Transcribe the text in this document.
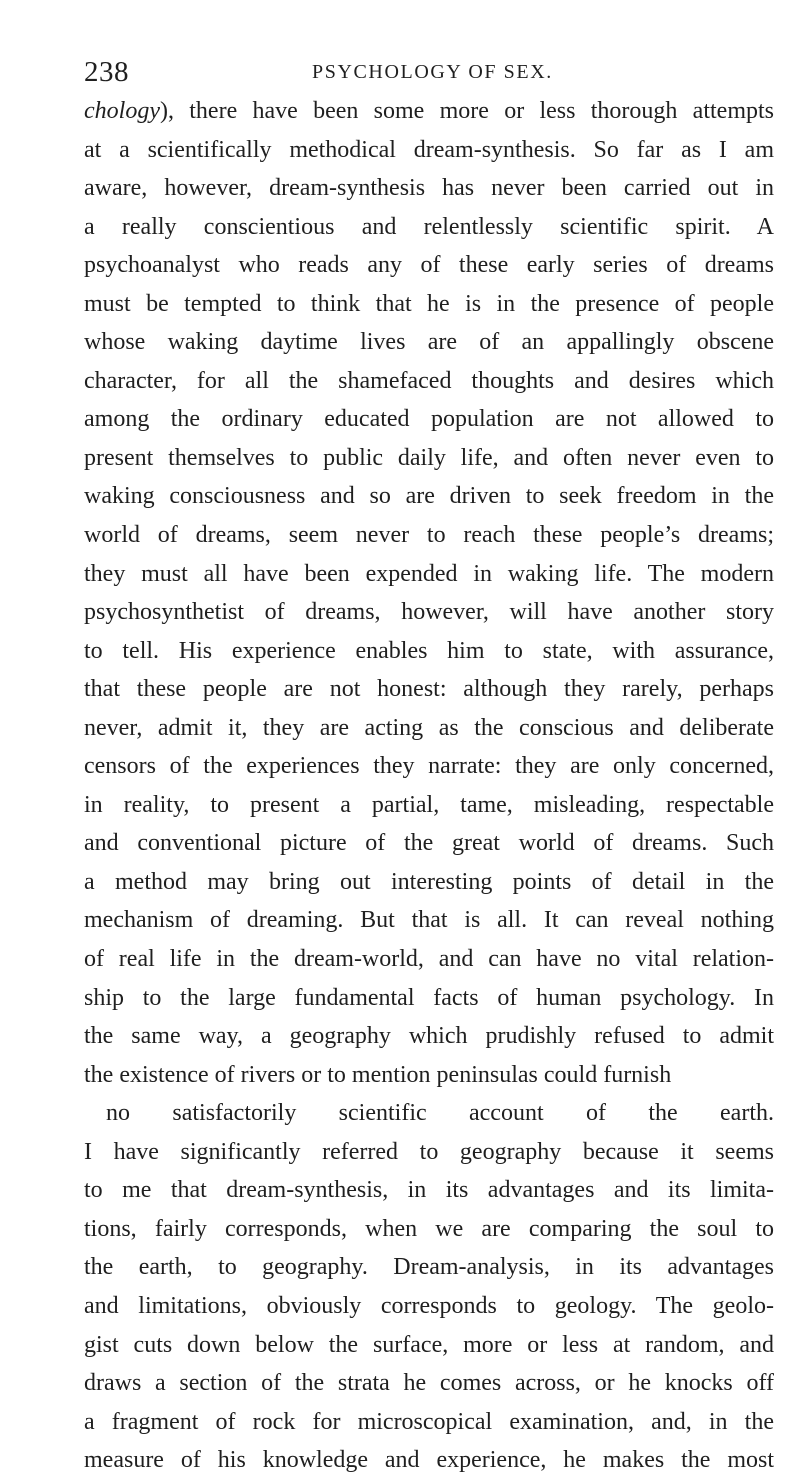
238	PSYCHOLOGY OF SEX.
chology), there have been some more or less thorough attempts
at a scientifically methodical dream-synthesis. So far as I am
aware, however, dream-synthesis has never been carried out in
a really conscientious and relentlessly scientific spirit. A
psychoanalyst who reads any of these early series of dreams
must be tempted to think that he is in the presence of people
whose waking daytime lives are of an appallingly obscene
character, for all the shamefaced thoughts and desires which
among the ordinary educated population are not allowed to
present themselves to public daily life, and often never even to
waking consciousness and so are driven to seek freedom in the
world of dreams, seem never to reach these people’s dreams;
they must all have been expended in waking life. The modern
psychosynthetist of dreams, however, will have another story
to tell. His experience enables him to state, with assurance,
that these people are not honest: although they rarely, perhaps
never, admit it, they are acting as the conscious and deliberate
censors of the experiences they narrate: they are only concerned,
in reality, to present a partial, tame, misleading, respectable
and conventional picture of the great world of dreams. Such
a method may bring out interesting points of detail in the
mechanism of dreaming. But that is all. It can reveal nothing
of real life in the dream-world, and can have no vital relation-
ship to the large fundamental facts of human psychology. In
the same way, a geography which prudishly refused to admit
the existence of rivers or to mention peninsulas could furnish
no satisfactorily scientific account of the earth.
I have significantly referred to geography because it seems
to me that dream-synthesis, in its advantages and its limita-
tions, fairly corresponds, when we are comparing the soul to
the earth, to geography. Dream-analysis, in its advantages
and limitations, obviously corresponds to geology. The geolo-
gist cuts down below the surface, more or less at random, and
draws a section of the strata he comes across, or he knocks off
a fragment of rock for microscopical examination, and, in the
measure of his knowledge and experience, he makes the most
